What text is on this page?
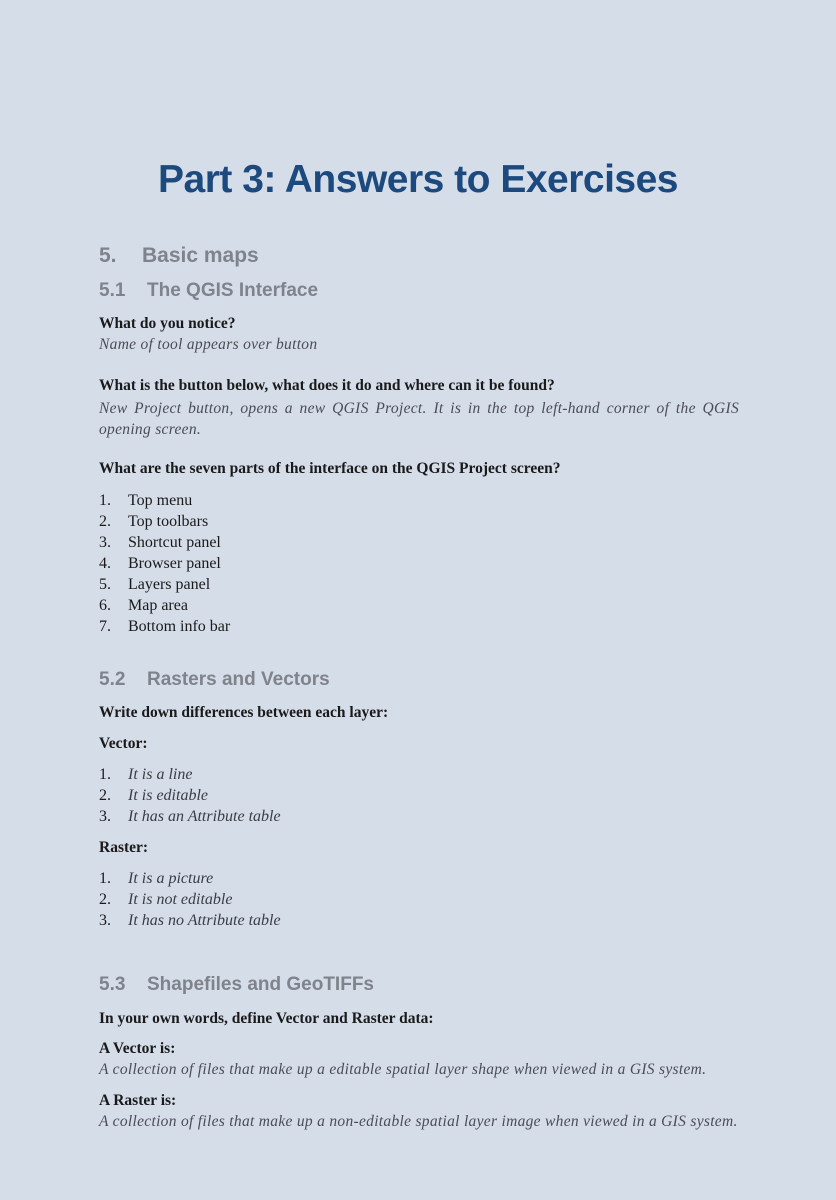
Part 3: Answers to Exercises
5. Basic maps
5.1 The QGIS Interface
What do you notice?
Name of tool appears over button
What is the button below, what does it do and where can it be found?
New Project button, opens a new QGIS Project. It is in the top left-hand corner of the QGIS opening screen.
What are the seven parts of the interface on the QGIS Project screen?
1. Top menu
2. Top toolbars
3. Shortcut panel
4. Browser panel
5. Layers panel
6. Map area
7. Bottom info bar
5.2 Rasters and Vectors
Write down differences between each layer:
Vector:
1. It is a line
2. It is editable
3. It has an Attribute table
Raster:
1. It is a picture
2. It is not editable
3. It has no Attribute table
5.3 Shapefiles and GeoTIFFs
In your own words, define Vector and Raster data:
A Vector is:
A collection of files that make up a editable spatial layer shape when viewed in a GIS system.
A Raster is:
A collection of files that make up a non-editable spatial layer image when viewed in a GIS system.
